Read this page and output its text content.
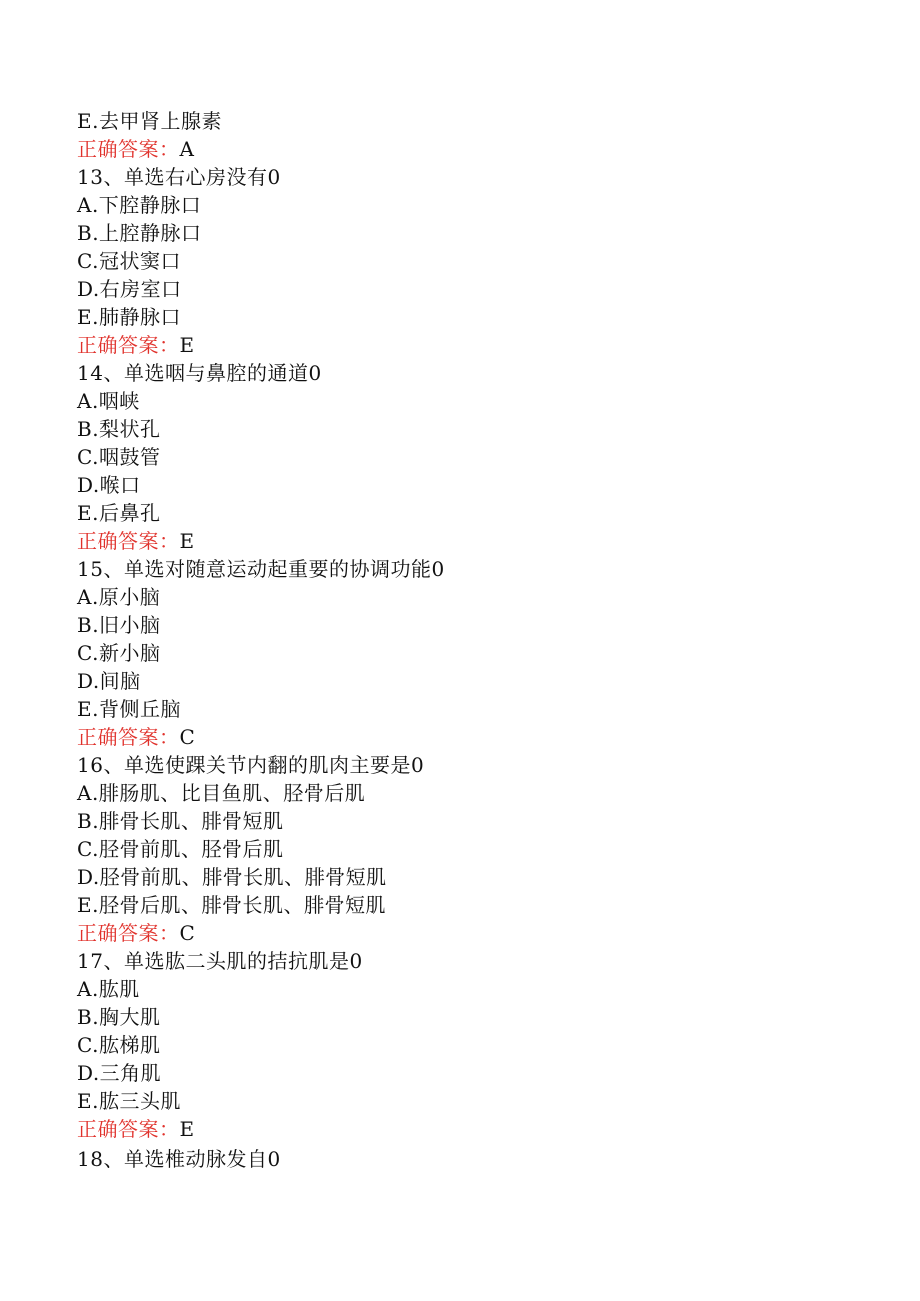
E.去甲肾上腺素
正确答案：A
13、单选右心房没有0
A.下腔静脉口
B.上腔静脉口
C.冠状窦口
D.右房室口
E.肺静脉口
正确答案：E
14、单选咽与鼻腔的通道0
A.咽峡
B.梨状孔
C.咽鼓管
D.喉口
E.后鼻孔
正确答案：E
15、单选对随意运动起重要的协调功能0
A.原小脑
B.旧小脑
C.新小脑
D.间脑
E.背侧丘脑
正确答案：C
16、单选使踝关节内翻的肌肉主要是0
A.腓肠肌、比目鱼肌、胫骨后肌
B.腓骨长肌、腓骨短肌
C.胫骨前肌、胫骨后肌
D.胫骨前肌、腓骨长肌、腓骨短肌
E.胫骨后肌、腓骨长肌、腓骨短肌
正确答案：C
17、单选肱二头肌的拮抗肌是0
A.肱肌
B.胸大肌
C.肱梯肌
D.三角肌
E.肱三头肌
正确答案：E
18、单选椎动脉发自0
